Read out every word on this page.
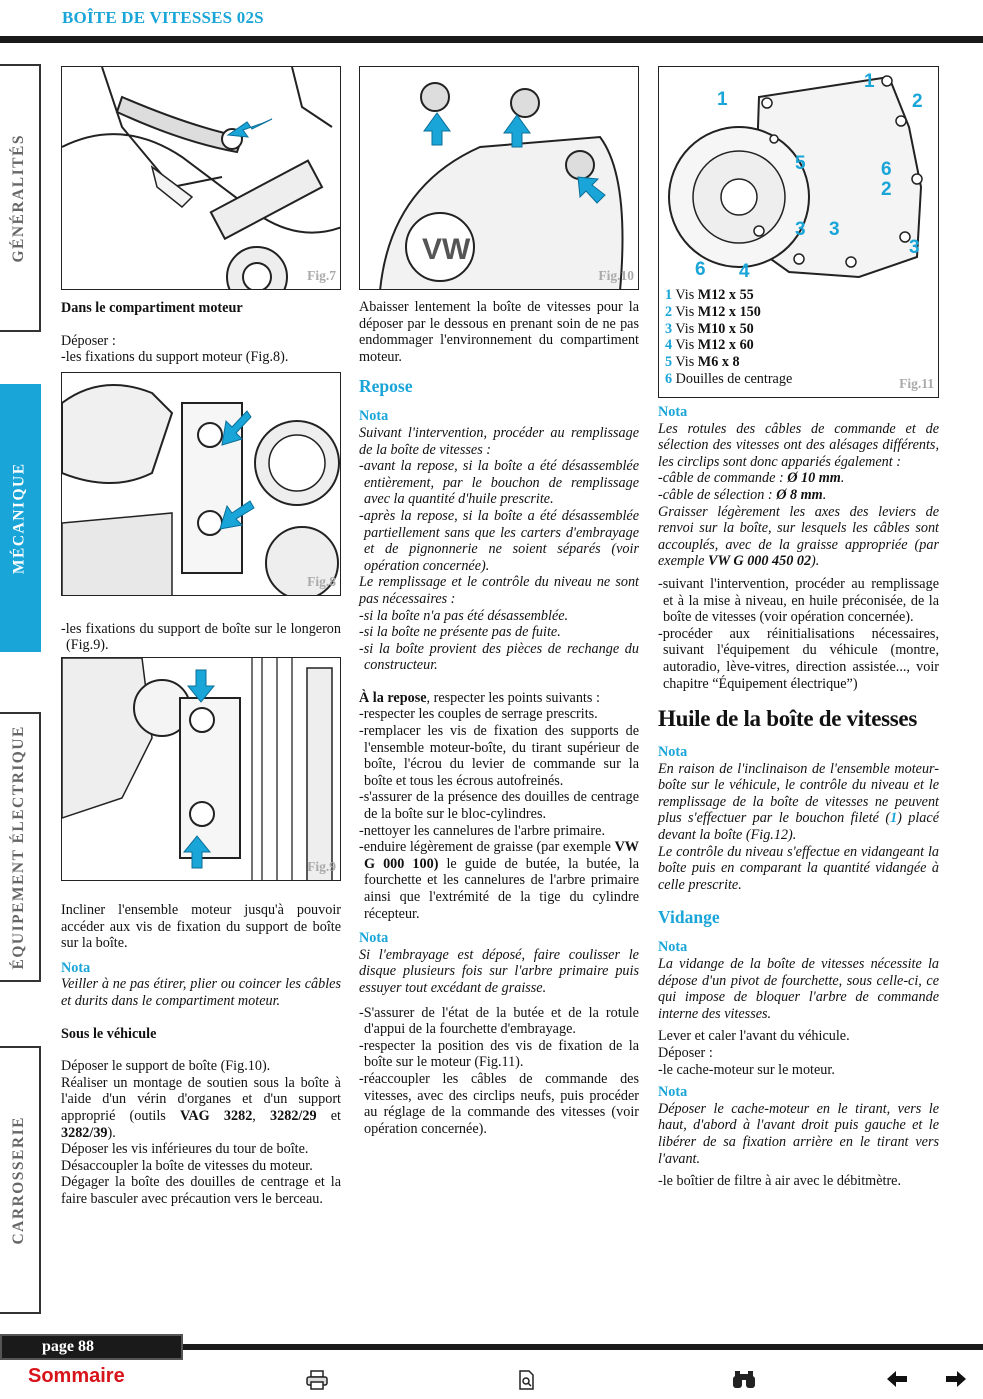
BOÎTE DE VITESSES 02S
GÉNÉRALITÉS
MÉCANIQUE
ÉQUIPEMENT ÉLECTRIQUE
CARROSSERIE
Fig.7

Dans le compartiment moteur

Déposer :

-les fixations du support moteur (Fig.8).

Fig.8

-les fixations du support de boîte sur le longeron (Fig.9).

Fig.9

Incliner l'ensemble moteur jusqu'à pouvoir accéder aux vis de fixation du support de boîte sur la boîte.

Nota

Veiller à ne pas étirer, plier ou coincer les câbles et durits dans le compartiment moteur.

Sous le véhicule

Déposer le support de boîte (Fig.10).

Réaliser un montage de soutien sous la boîte à l'aide d'un vérin d'organes et d'un support approprié (outils VAG 3282, 3282/29 et 3282/39).

Déposer les vis inférieures du tour de boîte.

Désaccoupler la boîte de vitesses du moteur.

Dégager la boîte des douilles de centrage et la faire basculer avec précaution vers le berceau.

VW
Fig.10

Abaisser lentement la boîte de vitesses pour la déposer par le dessous en prenant soin de ne pas endommager l'environnement du compartiment moteur.

Repose

Nota

Suivant l'intervention, procéder au remplissage de la boîte de vitesses :

-avant la repose, si la boîte a été désassemblée entièrement, par le bouchon de remplissage avec la quantité d'huile prescrite.

-après la repose, si la boîte a été désassemblée partiellement sans que les carters d'embrayage et de pignonnerie ne soient séparés (voir opération concernée).

Le remplissage et le contrôle du niveau ne sont pas nécessaires :

-si la boîte n'a pas été désassemblée.

-si la boîte ne présente pas de fuite.

-si la boîte provient des pièces de rechange du constructeur.

À la repose, respecter les points suivants :

-respecter les couples de serrage prescrits.

-remplacer les vis de fixation des supports de l'ensemble moteur-boîte, du tirant supérieur de boîte, l'écrou du levier de commande sur la boîte et tous les écrous autofreinés.

-s'assurer de la présence des douilles de centrage de la boîte sur le bloc-cylindres.

-nettoyer les cannelures de l'arbre primaire.

-enduire légèrement de graisse (par exemple VW G 000 100) le guide de butée, la butée, la fourchette et les cannelures de l'arbre primaire ainsi que l'extrémité de la tige du cylindre récepteur.

Nota

Si l'embrayage est déposé, faire coulisser le disque plusieurs fois sur l'arbre primaire puis essuyer tout excédant de graisse.

-S'assurer de l'état de la butée et de la rotule d'appui de la fourchette d'embrayage.

-respecter la position des vis de fixation de la boîte sur le moteur (Fig.11).

-réaccoupler les câbles de commande des vitesses, avec des circlips neufs, puis procéder au réglage de la commande des vitesses (voir opération concernée).

1
1	2
6
2
5
3 3
3
6 4
1 Vis M12 x 55
2 Vis M12 x 150
3 Vis M10 x 50
4 Vis M12 x 60
5 Vis M6 x 8
6 Douilles de centrage	Fig.11

Nota

Les rotules des câbles de commande et de sélection des vitesses ont des alésages différents, les circlips sont donc appariés également :

-câble de commande : Ø 10 mm.

-câble de sélection : Ø 8 mm.

Graisser légèrement les axes des leviers de renvoi sur la boîte, sur lesquels les câbles sont accouplés, avec de la graisse appropriée (par exemple VW G 000 450 02).

-suivant l'intervention, procéder au remplissage et à la mise à niveau, en huile préconisée, de la boîte de vitesses (voir opération concernée).

-procéder aux réinitialisations nécessaires, suivant l'équipement du véhicule (montre, autoradio, lève-vitres, direction assistée..., voir chapitre “Équipement électrique”)

Huile de la boîte de vitesses

Nota

En raison de l'inclinaison de l'ensemble moteur-boîte sur le véhicule, le contrôle du niveau et le remplissage de la boîte de vitesses ne peuvent plus s'effectuer par le bouchon fileté (1) placé devant la boîte (Fig.12).

Le contrôle du niveau s'effectue en vidangeant la boîte puis en comparant la quantité vidangée à celle prescrite.

Vidange

Nota

La vidange de la boîte de vitesses nécessite la dépose d'un pivot de fourchette, sous celle-ci, ce qui impose de bloquer l'arbre de commande interne des vitesses.

Lever et caler l'avant du véhicule.

Déposer :

-le cache-moteur sur le moteur.

Nota

Déposer le cache-moteur en le tirant, vers le haut, d'abord à l'avant droit puis gauche et le libérer de sa fixation arrière en le tirant vers l'avant.

-le boîtier de filtre à air avec le débitmètre.

page 88
Sommaire
